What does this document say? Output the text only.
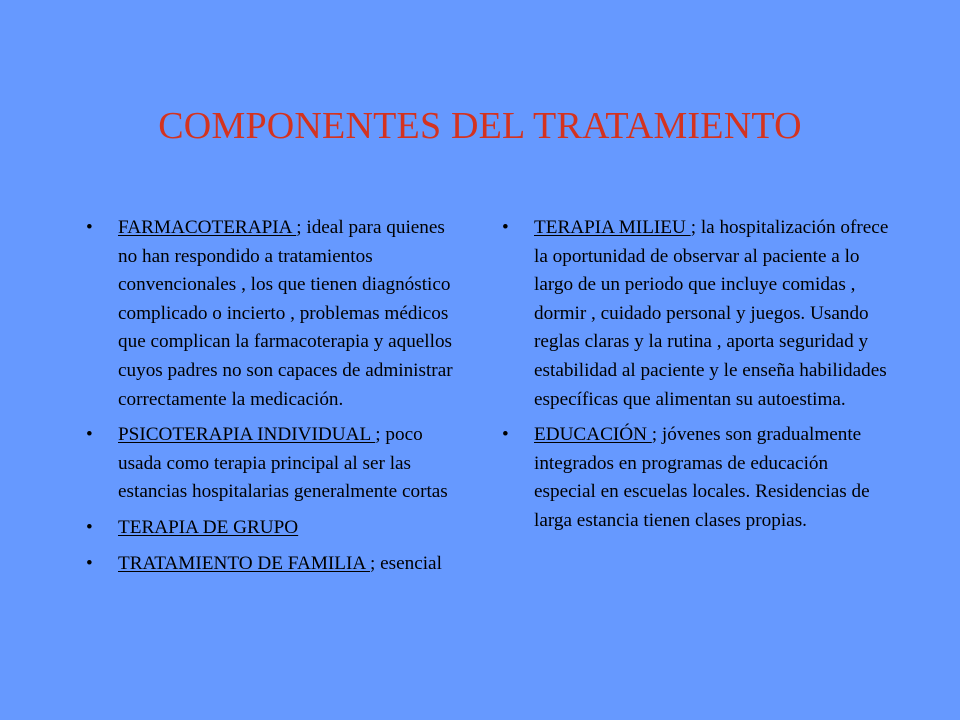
COMPONENTES DEL TRATAMIENTO
• FARMACOTERAPIA ; ideal para quienes no han respondido a tratamientos convencionales , los que tienen diagnóstico complicado o incierto , problemas médicos que complican la farmacoterapia y aquellos cuyos padres no son capaces de administrar correctamente la medicación.
• PSICOTERAPIA INDIVIDUAL ; poco usada como terapia principal al ser las estancias hospitalarias generalmente cortas
• TERAPIA DE GRUPO
• TRATAMIENTO DE FAMILIA ; esencial
• TERAPIA MILIEU ; la hospitalización ofrece la oportunidad de observar al paciente a lo largo de un periodo que incluye comidas , dormir , cuidado personal y juegos. Usando reglas claras y la rutina , aporta seguridad y estabilidad al paciente y le enseña habilidades específicas que alimentan su autoestima.
• EDUCACIÓN ; jóvenes son gradualmente integrados en programas de educación especial en escuelas locales. Residencias de larga estancia tienen clases propias.
